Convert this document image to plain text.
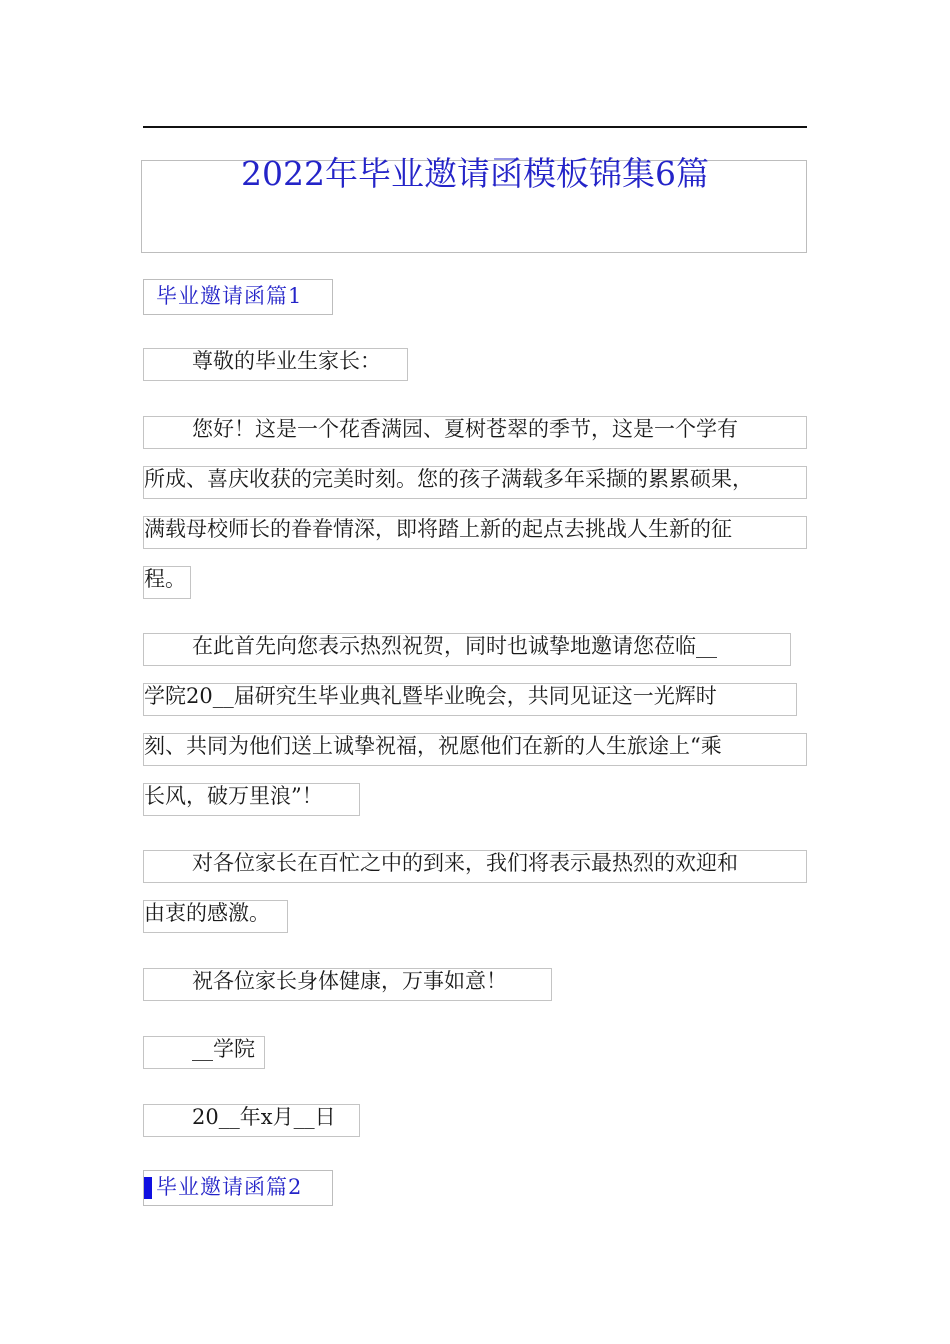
2022年毕业邀请函模板锦集6篇
毕业邀请函篇1
尊敬的毕业生家长：
您好！这是一个花香满园、夏树苍翠的季节，这是一个学有
所成、喜庆收获的完美时刻。您的孩子满载多年采撷的累累硕果，
满载母校师长的眷眷情深，即将踏上新的起点去挑战人生新的征
程。
在此首先向您表示热烈祝贺，同时也诚挚地邀请您莅临__
学院20__届研究生毕业典礼暨毕业晚会，共同见证这一光辉时
刻、共同为他们送上诚挚祝福，祝愿他们在新的人生旅途上“乘
长风，破万里浪”！
对各位家长在百忙之中的到来，我们将表示最热烈的欢迎和
由衷的感激。
祝各位家长身体健康，万事如意！
__学院
20__年x月__日
毕业邀请函篇2
